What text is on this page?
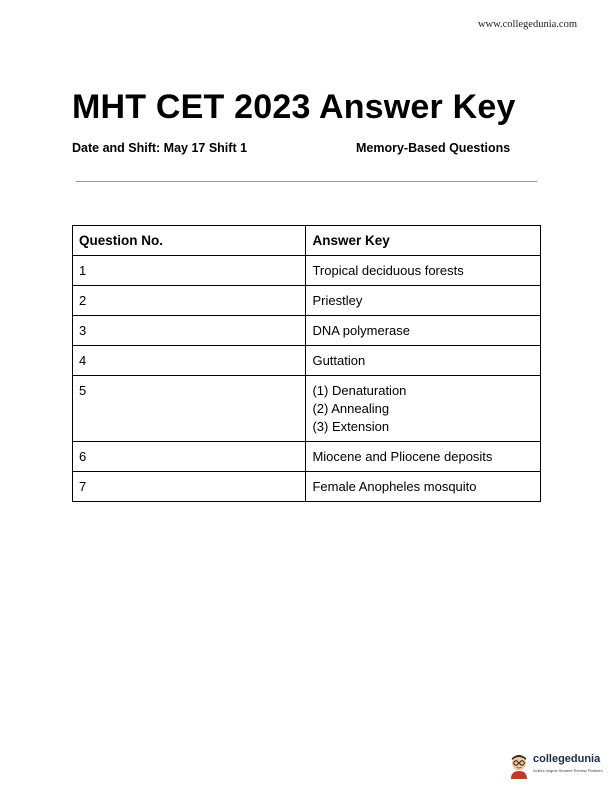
www.collegedunia.com
MHT CET 2023 Answer Key
Date and Shift: May 17 Shift 1	Memory-Based Questions
Question No.	Answer Key
1	Tropical deciduous forests

2	Priestley

3	DNA polymerase

4	Guttation

5	(1) Denaturation
(2) Annealing
(3) Extension

6	Miocene and Pliocene deposits

7	Female Anopheles mosquito
collegedunia
India's largest Student Review Platform
